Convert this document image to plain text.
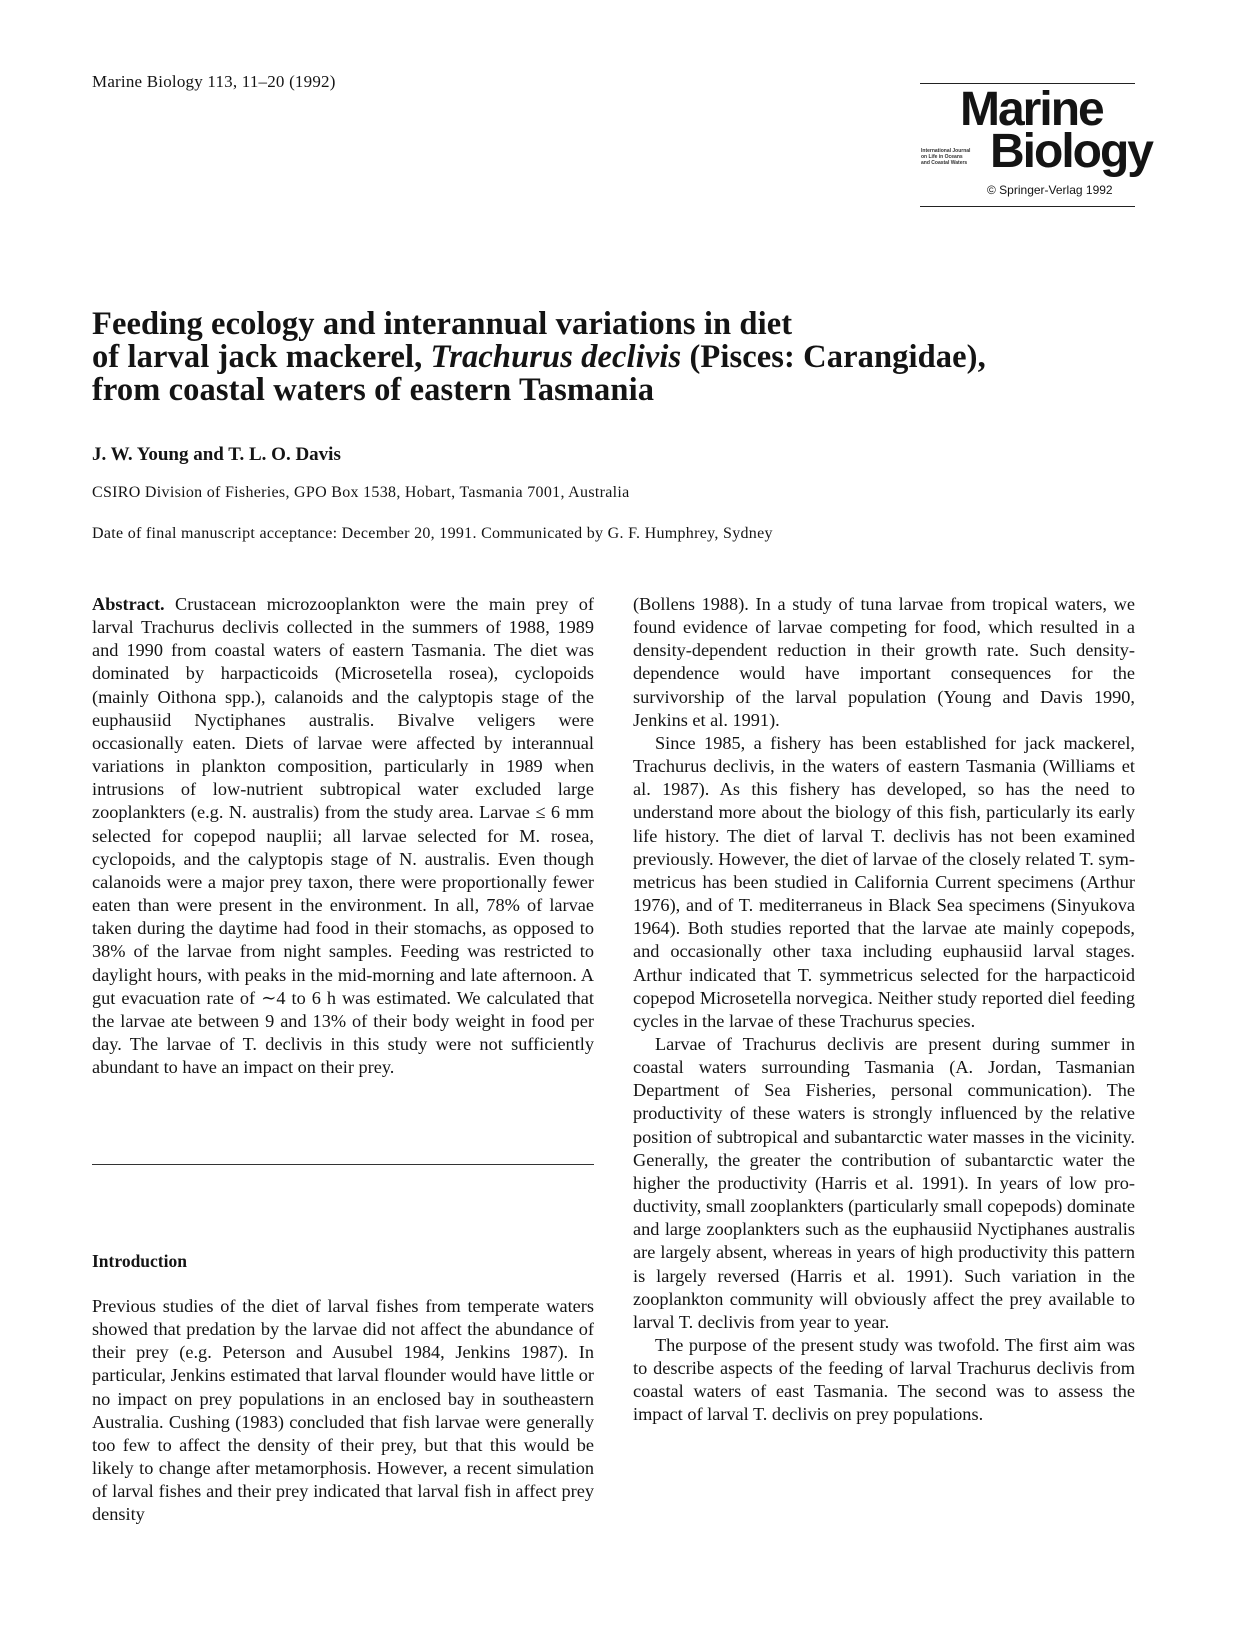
Marine Biology 113, 11–20 (1992)
Marine
International Journal
on Life in Oceans
and Coastal Waters Biology
© Springer-Verlag 1992
Feeding ecology and interannual variations in diet
of larval jack mackerel, Trachurus declivis (Pisces: Carangidae),
from coastal waters of eastern Tasmania
J. W. Young and T. L. O. Davis
CSIRO Division of Fisheries, GPO Box 1538, Hobart, Tasmania 7001, Australia
Date of final manuscript acceptance: December 20, 1991. Communicated by G. F. Humphrey, Sydney

Abstract. Crustacean microzooplankton were the main prey of larval Trachurus declivis collected in the summers of 1988, 1989 and 1990 from coastal waters of eastern Tasmania. The diet was dominated by harpacticoids (Microsetella rosea), cyclopoids (mainly Oithona spp.), calanoids and the calyptopis stage of the euphausiid Nyctiphanes australis. Bivalve veligers were occasionally eaten. Diets of larvae were affected by interannual variations in plankton composition, particularly in 1989 when intrusions of low-nutrient subtropical water excluded large zooplankters (e.g. N. australis) from the study area. Larvae ≤ 6 mm selected for copepod nauplii; all larvae selected for M. rosea, cyclopoids, and the calyptopis stage of N. australis. Even though calanoids were a major prey taxon, there were proportionally fewer eaten than were present in the environment. In all, 78% of larvae taken during the daytime had food in their stomachs, as opposed to 38% of the larvae from night samples. Feeding was restricted to daylight hours, with peaks in the mid-morning and late afternoon. A gut evacuation rate of ∼4 to 6 h was estimated. We calculated that the larvae ate between 9 and 13% of their body weight in food per day. The larvae of T. declivis in this study were not sufficiently abundant to have an impact on their prey.

Introduction

Previous studies of the diet of larval fishes from temperate waters showed that predation by the larvae did not affect the abundance of their prey (e.g. Peterson and Ausubel 1984, Jenkins 1987). In particular, Jenkins estimated that larval flounder would have little or no impact on prey populations in an enclosed bay in southeastern Australia. Cushing (1983) concluded that fish larvae were generally too few to affect the density of their prey, but that this would be likely to change after metamorphosis. However, a recent simulation of larval fishes and their prey indicated that larval fish in affect prey density

(Bollens 1988). In a study of tuna larvae from tropical waters, we found evidence of larvae competing for food, which resulted in a density-dependent reduction in their growth rate. Such density-dependence would have important consequences for the survivorship of the larval population (Young and Davis 1990, Jenkins et al. 1991).

Since 1985, a fishery has been established for jack mackerel, Trachurus declivis, in the waters of eastern Tasmania (Williams et al. 1987). As this fishery has developed, so has the need to understand more about the biology of this fish, particularly its early life history. The diet of larval T. declivis has not been examined previously. However, the diet of larvae of the closely related T. symmetricus has been studied in California Current specimens (Arthur 1976), and of T. mediterraneus in Black Sea specimens (Sinyukova 1964). Both studies reported that the larvae ate mainly copepods, and occasionally other taxa including euphausiid larval stages. Arthur indicated that T. symmetricus selected for the harpacticoid copepod Microsetella norvegica. Neither study reported diel feeding cycles in the larvae of these Trachurus species.

Larvae of Trachurus declivis are present during summer in coastal waters surrounding Tasmania (A. Jordan, Tasmanian Department of Sea Fisheries, personal communication). The productivity of these waters is strongly influenced by the relative position of subtropical and subantarctic water masses in the vicinity. Generally, the greater the contribution of subantarctic water the higher the productivity (Harris et al. 1991). In years of low productivity, small zooplankters (particularly small copepods) dominate and large zooplankters such as the euphausiid Nyctiphanes australis are largely absent, whereas in years of high productivity this pattern is largely reversed (Harris et al. 1991). Such variation in the zooplankton community will obviously affect the prey available to larval T. declivis from year to year.

The purpose of the present study was twofold. The first aim was to describe aspects of the feeding of larval Trachurus declivis from coastal waters of east Tasmania. The second was to assess the impact of larval T. declivis on prey populations.
